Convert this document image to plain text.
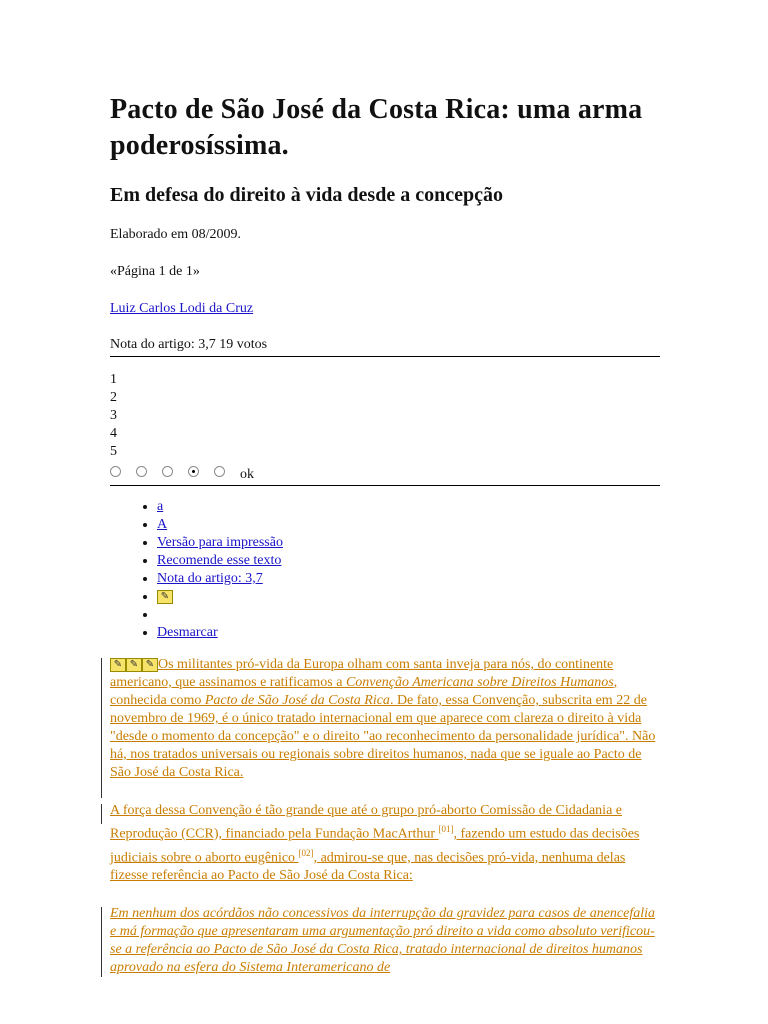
Pacto de São José da Costa Rica: uma arma poderosíssima.
Em defesa do direito à vida desde a concepção

Elaborado em 08/2009.

«Página 1 de 1»

Luiz Carlos Lodi da Cruz

Nota do artigo: 3,7 19 votos
1
2
3
4
5
ok
• a
• A
• Versão para impressão
• Recomende esse texto
• Nota do artigo: 3,7
• ✎
•
• Desmarcar
✎ ✎ ✎ Os militantes pró-vida da Europa olham com santa inveja para nós, do continente americano, que assinamos e ratificamos a Convenção Americana sobre Direitos Humanos, conhecida como Pacto de São José da Costa Rica. De fato, essa Convenção, subscrita em 22 de novembro de 1969, é o único tratado internacional em que aparece com clareza o direito à vida "desde o momento da concepção" e o direito "ao reconhecimento da personalidade jurídica". Não há, nos tratados universais ou regionais sobre direitos humanos, nada que se iguale ao Pacto de São José da Costa Rica.
A força dessa Convenção é tão grande que até o grupo pró-aborto Comissão de Cidadania e Reprodução (CCR), financiado pela Fundação MacArthur [01], fazendo um estudo das decisões judiciais sobre o aborto eugênico [02], admirou-se que, nas decisões pró-vida, nenhuma delas fizesse referência ao Pacto de São José da Costa Rica:
Em nenhum dos acórdãos não concessivos da interrupção da gravidez para casos de anencefalia e má formação que apresentaram uma argumentação pró direito a vida como absoluto verificou-se a referência ao Pacto de São José da Costa Rica, tratado internacional de direitos humanos aprovado na esfera do Sistema Interamericano de
